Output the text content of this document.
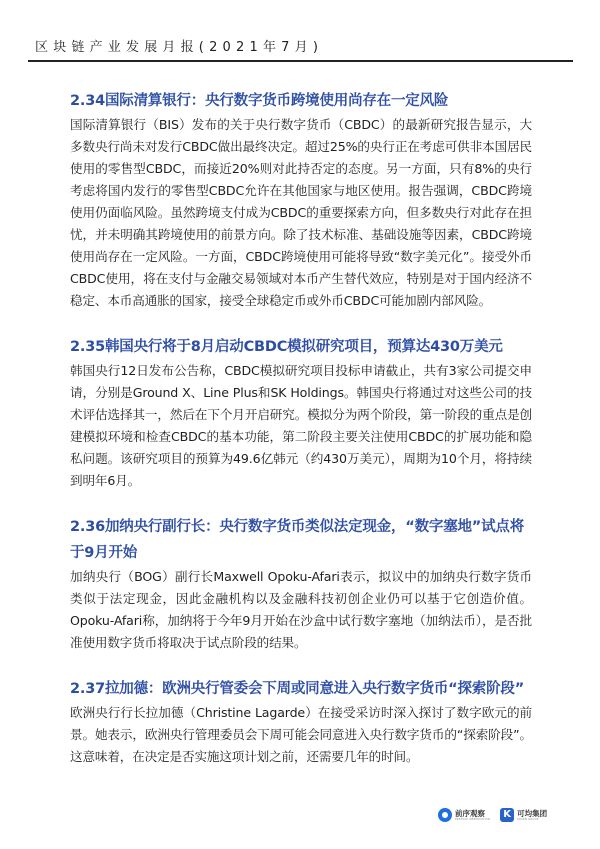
区块链产业发展月报(2021年7月)
2.34国际清算银行：央行数字货币跨境使用尚存在一定风险

国际清算银行（BIS）发布的关于央行数字货币（CBDC）的最新研究报告显示，大多数央行尚未对发行CBDC做出最终决定。超过25%的央行正在考虑可供非本国居民使用的零售型CBDC，而接近20%则对此持否定的态度。另一方面，只有8%的央行考虑将国内发行的零售型CBDC允许在其他国家与地区使用。报告强调，CBDC跨境使用仍面临风险。虽然跨境支付成为CBDC的重要探索方向，但多数央行对此存在担忧，并未明确其跨境使用的前景方向。除了技术标准、基础设施等因素，CBDC跨境使用尚存在一定风险。一方面，CBDC跨境使用可能将导致“数字美元化”。接受外币CBDC使用，将在支付与金融交易领域对本币产生替代效应，特别是对于国内经济不稳定、本币高通胀的国家，接受全球稳定币或外币CBDC可能加剧内部风险。

2.35韩国央行将于8月启动CBDC模拟研究项目，预算达430万美元

韩国央行12日发布公告称，CBDC模拟研究项目投标申请截止，共有3家公司提交申请，分别是Ground X、Line Plus和SK Holdings。韩国央行将通过对这些公司的技术评估选择其一，然后在下个月开启研究。模拟分为两个阶段，第一阶段的重点是创建模拟环境和检查CBDC的基本功能，第二阶段主要关注使用CBDC的扩展功能和隐私问题。该研究项目的预算为49.6亿韩元（约430万美元），周期为10个月，将持续到明年6月。

2.36加纳央行副行长：央行数字货币类似法定现金，“数字塞地”试点将于9月开始

加纳央行（BOG）副行长Maxwell Opoku-Afari表示，拟议中的加纳央行数字货币类似于法定现金，因此金融机构以及金融科技初创企业仍可以基于它创造价值。Opoku-Afari称，加纳将于今年9月开始在沙盒中试行数字塞地（加纳法币），是否批准使用数字货币将取决于试点阶段的结果。

2.37拉加德：欧洲央行管委会下周或同意进入央行数字货币“探索阶段”

欧洲央行行长拉加德（Christine Lagarde）在接受采访时深入探讨了数字欧元的前景。她表示，欧洲央行管理委员会下周可能会同意进入央行数字货币的“探索阶段”。这意味着，在决定是否实施这项计划之前，还需要几年的时间。

前序观察
PREFACE OBSERVATION	K 可均集团
KOSEN GROUP
